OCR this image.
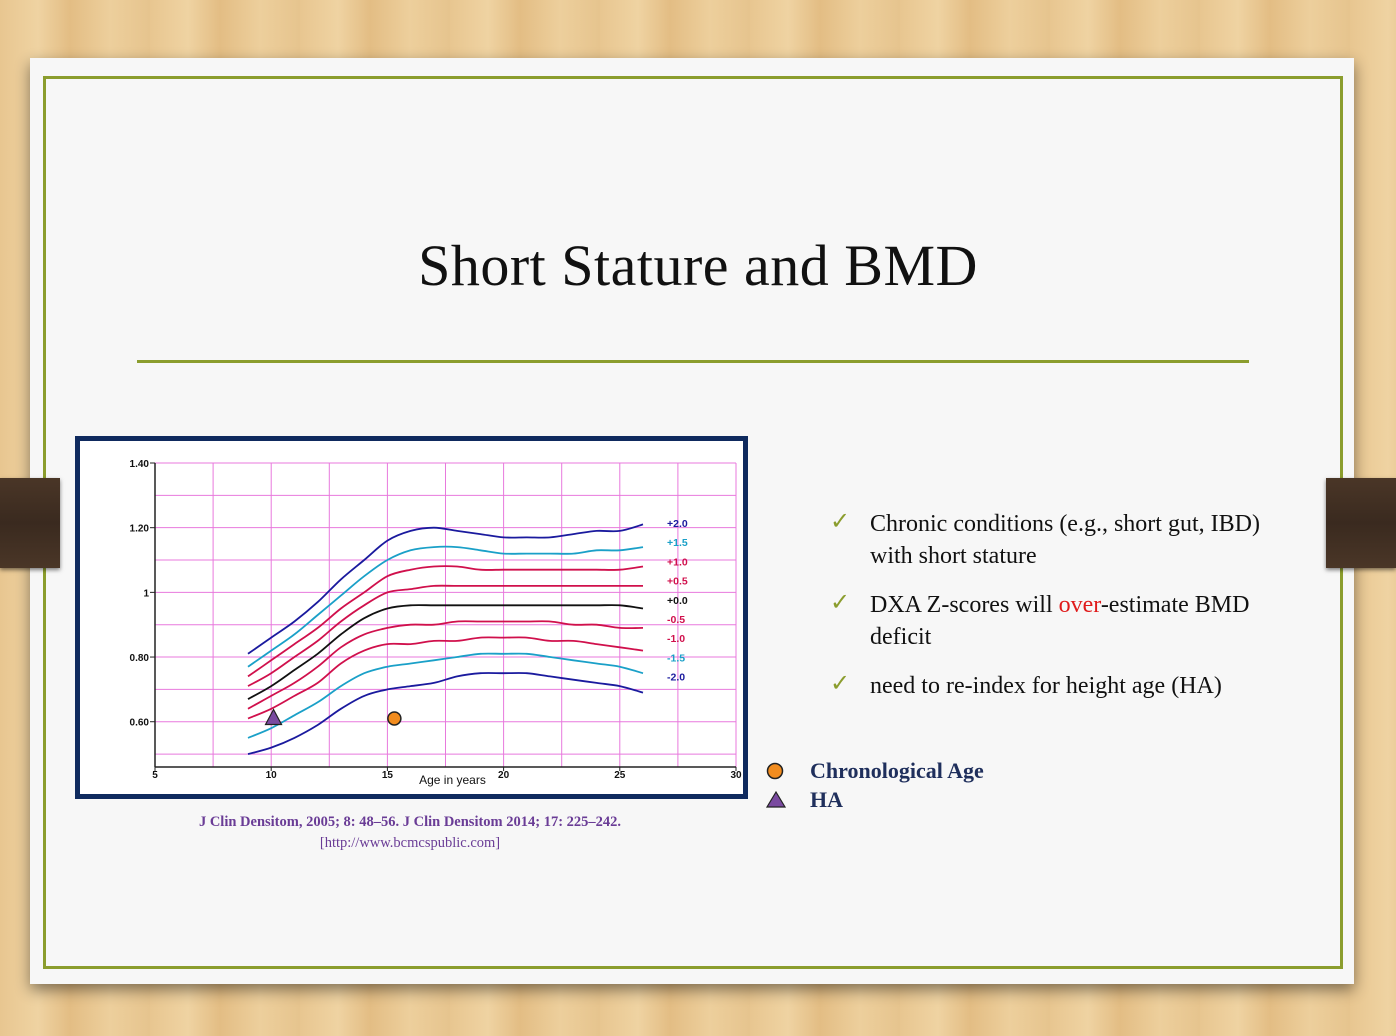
Short Stature and BMD
0.60
0.80
1
1.20
1.40
5	10	15	20	25	30
Age in years
+2.0
+1.5
+1.0
+0.5
+0.0
-0.5
-1.0
-1.5
-2.0
J Clin Densitom, 2005; 8: 48–56. J Clin Densitom 2014; 17: 225–242. [http://www.bcmcspublic.com]
✓ Chronic conditions (e.g., short gut, IBD) with short stature
✓ DXA Z-scores will over-estimate BMD deficit
✓ need to re-index for height age (HA)
Chronological Age
HA
